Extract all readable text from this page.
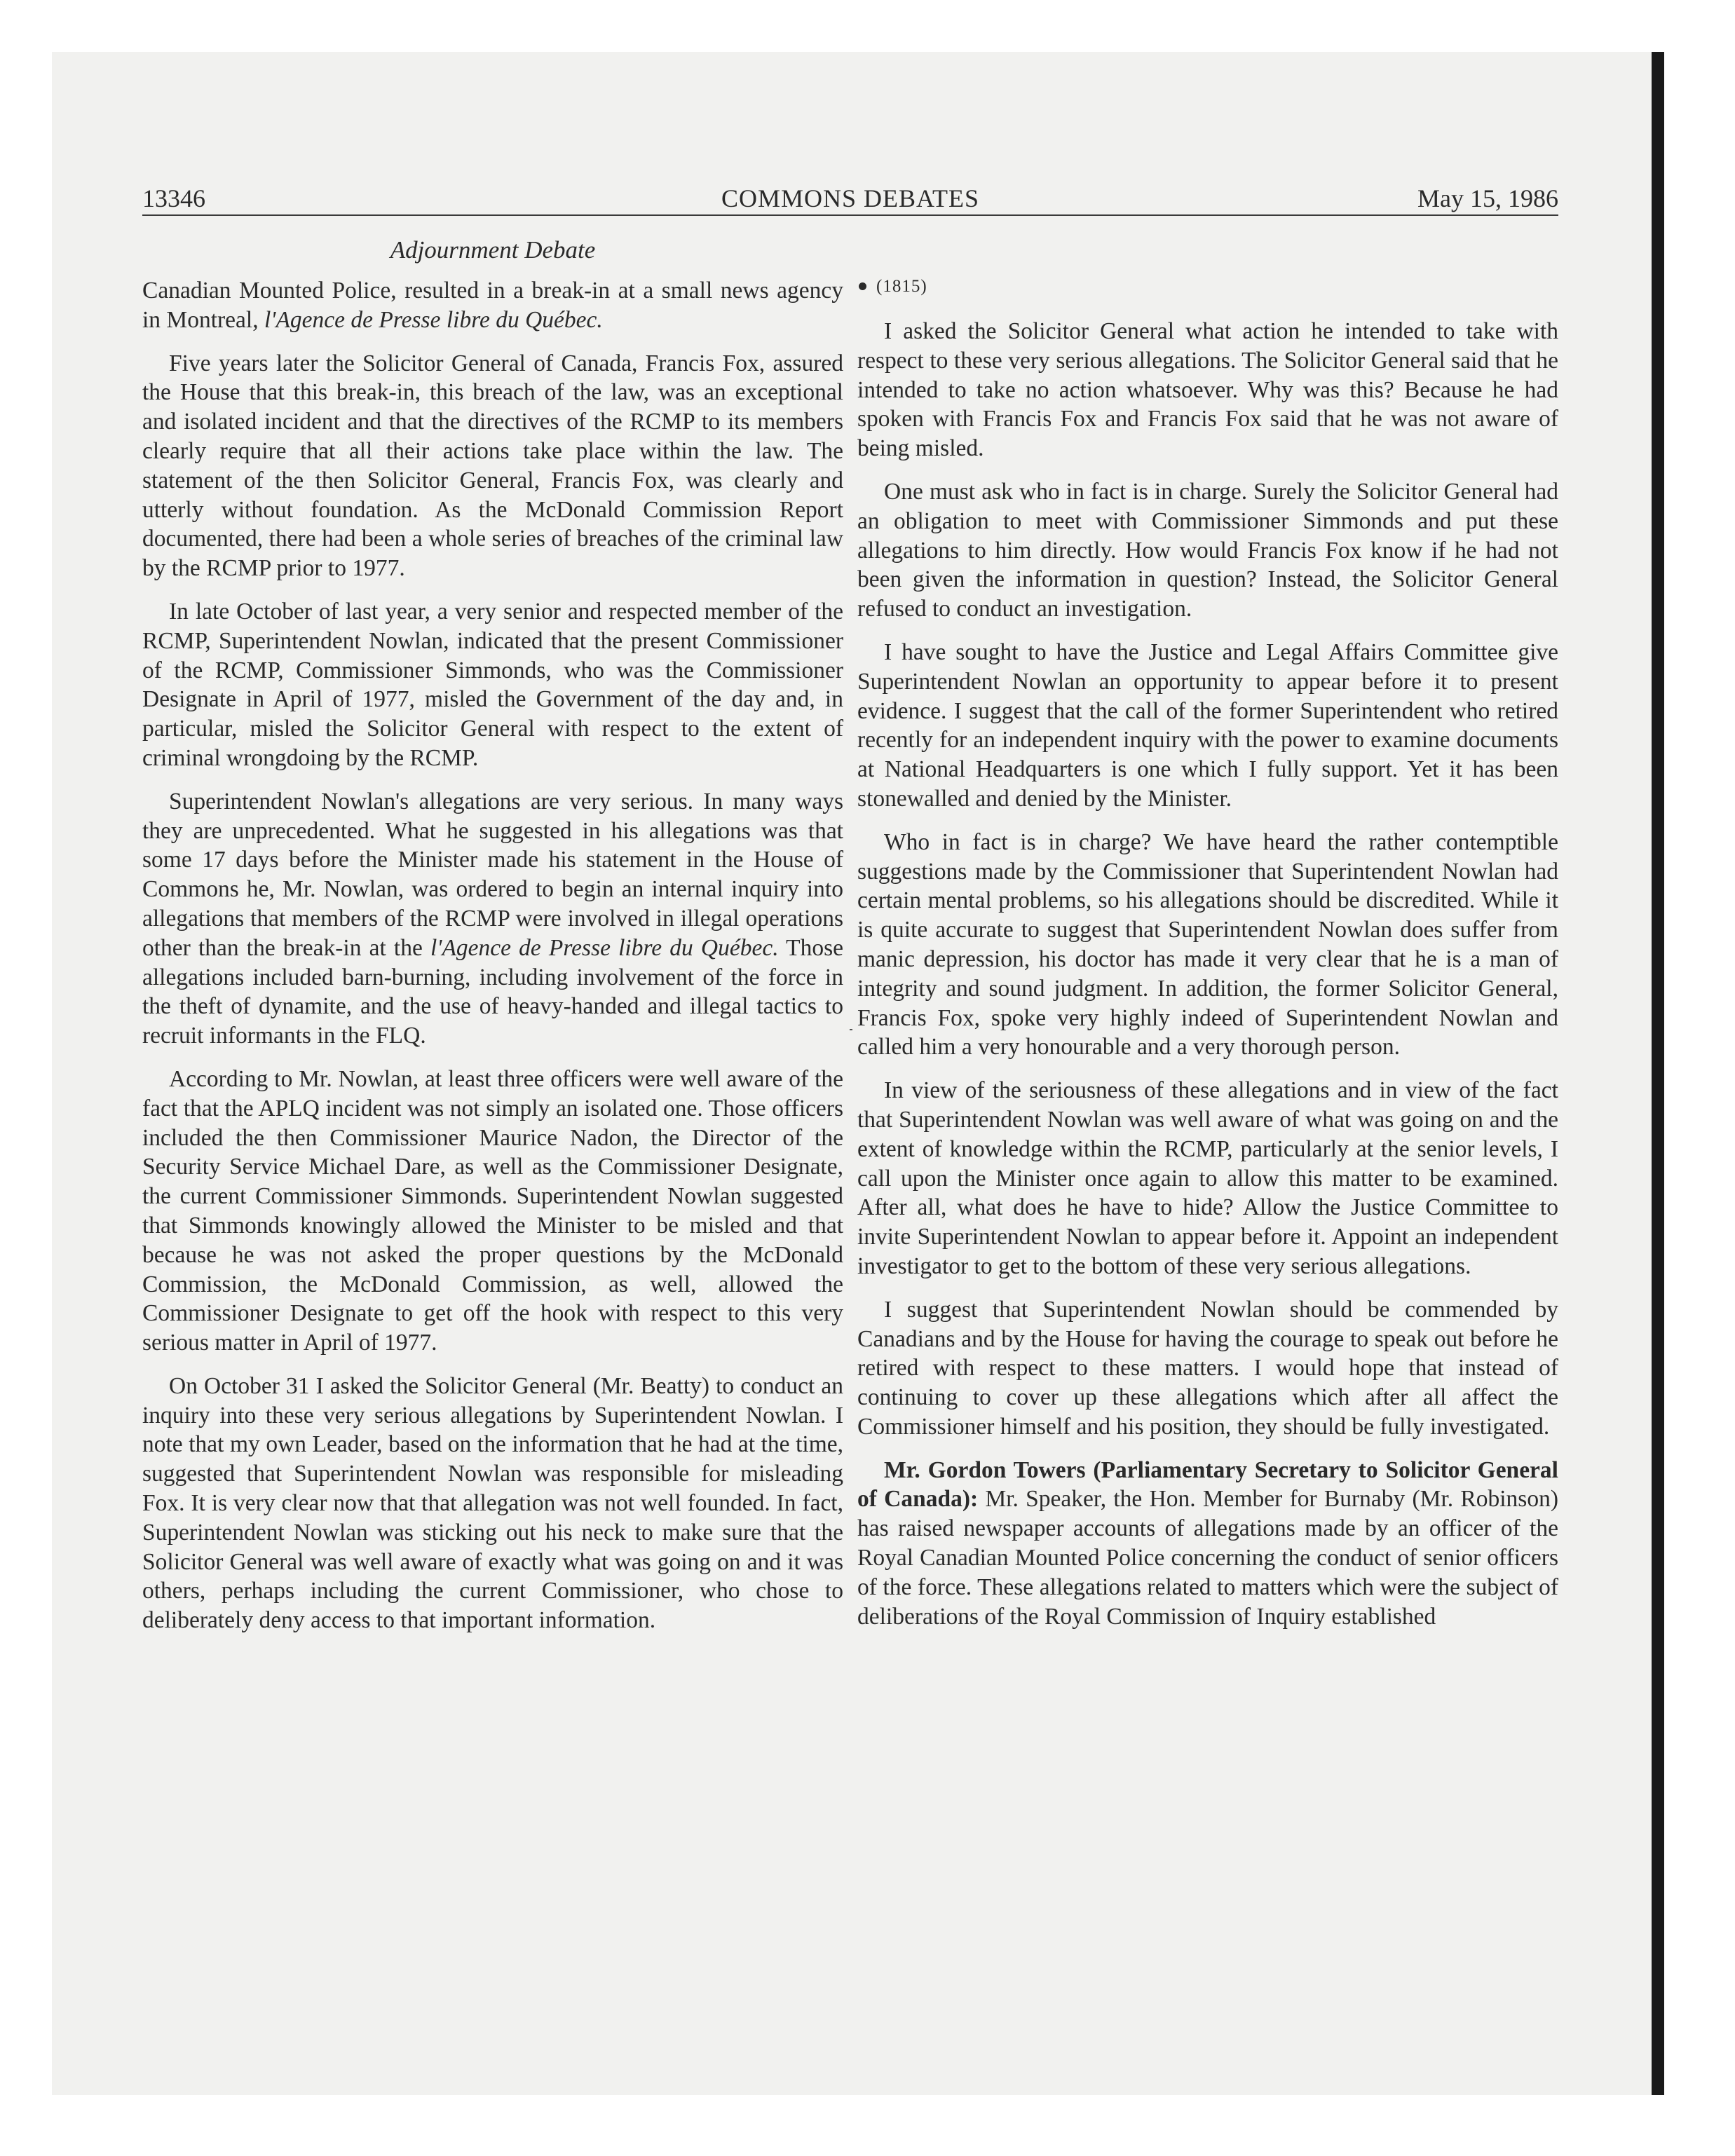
13346	COMMONS DEBATES	May 15, 1986
Adjournment Debate

Canadian Mounted Police, resulted in a break-in at a small news agency in Montreal, l'Agence de Presse libre du Québec.

Five years later the Solicitor General of Canada, Francis Fox, assured the House that this break-in, this breach of the law, was an exceptional and isolated incident and that the directives of the RCMP to its members clearly require that all their actions take place within the law. The statement of the then Solicitor General, Francis Fox, was clearly and utterly without foundation. As the McDonald Commission Report documented, there had been a whole series of breaches of the criminal law by the RCMP prior to 1977.

In late October of last year, a very senior and respected member of the RCMP, Superintendent Nowlan, indicated that the present Commissioner of the RCMP, Commissioner Simmonds, who was the Commissioner Designate in April of 1977, misled the Government of the day and, in particular, misled the Solicitor General with respect to the extent of criminal wrongdoing by the RCMP.

Superintendent Nowlan's allegations are very serious. In many ways they are unprecedented. What he suggested in his allegations was that some 17 days before the Minister made his statement in the House of Commons he, Mr. Nowlan, was ordered to begin an internal inquiry into allegations that members of the RCMP were involved in illegal operations other than the break-in at the l'Agence de Presse libre du Québec. Those allegations included barn-burning, including involvement of the force in the theft of dynamite, and the use of heavy-handed and illegal tactics to recruit informants in the FLQ.

According to Mr. Nowlan, at least three officers were well aware of the fact that the APLQ incident was not simply an isolated one. Those officers included the then Commissioner Maurice Nadon, the Director of the Security Service Michael Dare, as well as the Commissioner Designate, the current Commissioner Simmonds. Superintendent Nowlan suggested that Simmonds knowingly allowed the Minister to be misled and that because he was not asked the proper questions by the McDonald Commission, the McDonald Commission, as well, allowed the Commissioner Designate to get off the hook with respect to this very serious matter in April of 1977.

On October 31 I asked the Solicitor General (Mr. Beatty) to conduct an inquiry into these very serious allegations by Superintendent Nowlan. I note that my own Leader, based on the information that he had at the time, suggested that Superintendent Nowlan was responsible for misleading Fox. It is very clear now that that allegation was not well founded. In fact, Superintendent Nowlan was sticking out his neck to make sure that the Solicitor General was well aware of exactly what was going on and it was others, perhaps including the current Commissioner, who chose to deliberately deny access to that important information.

(1815)

I asked the Solicitor General what action he intended to take with respect to these very serious allegations. The Solicitor General said that he intended to take no action whatsoever. Why was this? Because he had spoken with Francis Fox and Francis Fox said that he was not aware of being misled.

One must ask who in fact is in charge. Surely the Solicitor General had an obligation to meet with Commissioner Simmonds and put these allegations to him directly. How would Francis Fox know if he had not been given the information in question? Instead, the Solicitor General refused to conduct an investigation.

I have sought to have the Justice and Legal Affairs Committee give Superintendent Nowlan an opportunity to appear before it to present evidence. I suggest that the call of the former Superintendent who retired recently for an independent inquiry with the power to examine documents at National Headquarters is one which I fully support. Yet it has been stonewalled and denied by the Minister.

Who in fact is in charge? We have heard the rather contemptible suggestions made by the Commissioner that Superintendent Nowlan had certain mental problems, so his allegations should be discredited. While it is quite accurate to suggest that Superintendent Nowlan does suffer from manic depression, his doctor has made it very clear that he is a man of integrity and sound judgment. In addition, the former Solicitor General, Francis Fox, spoke very highly indeed of Superintendent Nowlan and called him a very honourable and a very thorough person.

In view of the seriousness of these allegations and in view of the fact that Superintendent Nowlan was well aware of what was going on and the extent of knowledge within the RCMP, particularly at the senior levels, I call upon the Minister once again to allow this matter to be examined. After all, what does he have to hide? Allow the Justice Committee to invite Superintendent Nowlan to appear before it. Appoint an independent investigator to get to the bottom of these very serious allegations.

I suggest that Superintendent Nowlan should be commended by Canadians and by the House for having the courage to speak out before he retired with respect to these matters. I would hope that instead of continuing to cover up these allegations which after all affect the Commissioner himself and his position, they should be fully investigated.

Mr. Gordon Towers (Parliamentary Secretary to Solicitor General of Canada): Mr. Speaker, the Hon. Member for Burnaby (Mr. Robinson) has raised newspaper accounts of allegations made by an officer of the Royal Canadian Mounted Police concerning the conduct of senior officers of the force. These allegations related to matters which were the subject of deliberations of the Royal Commission of Inquiry established
